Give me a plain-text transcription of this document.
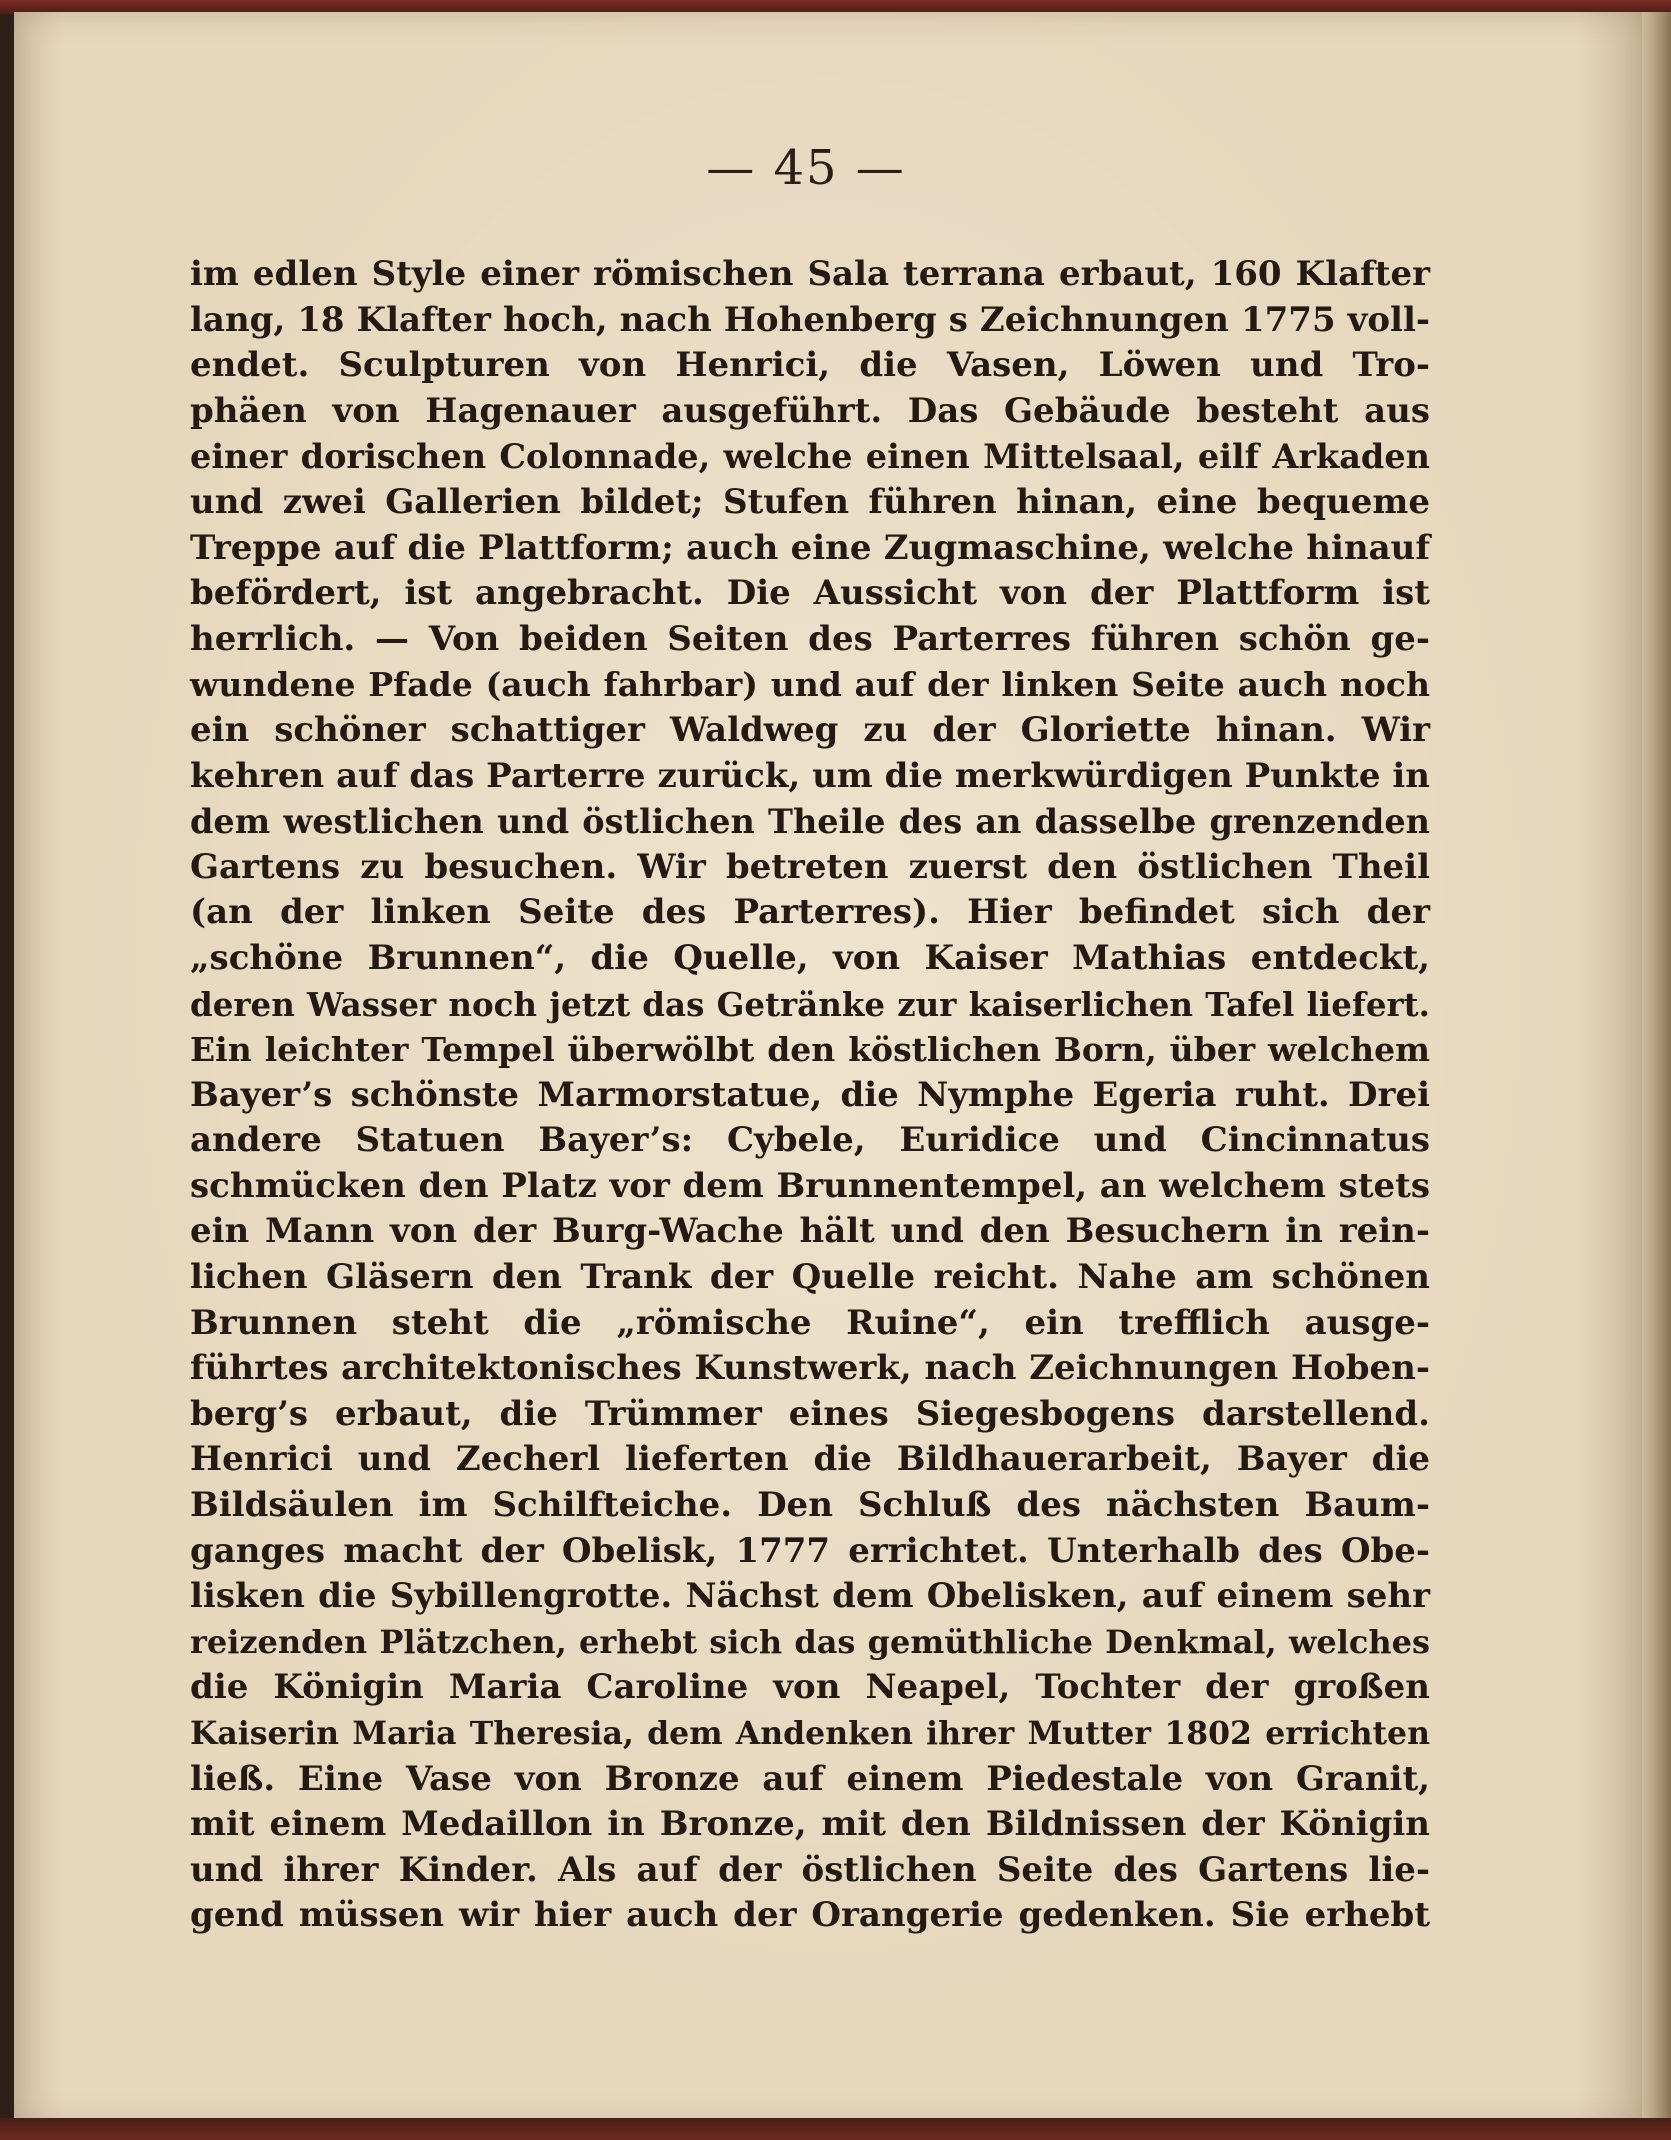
— 45 —
im edlen Style einer römischen Sala terrana erbaut, 160 Klafter
lang, 18 Klafter hoch, nach Hohenberg s Zeichnungen 1775 voll-
endet. Sculpturen von Henrici, die Vasen, Löwen und Tro-
phäen von Hagenauer ausgeführt. Das Gebäude besteht aus
einer dorischen Colonnade, welche einen Mittelsaal, eilf Arkaden
und zwei Gallerien bildet; Stufen führen hinan, eine bequeme
Treppe auf die Plattform; auch eine Zugmaschine, welche hinauf
befördert, ist angebracht. Die Aussicht von der Plattform ist
herrlich. — Von beiden Seiten des Parterres führen schön ge-
wundene Pfade (auch fahrbar) und auf der linken Seite auch noch
ein schöner schattiger Waldweg zu der Gloriette hinan. Wir
kehren auf das Parterre zurück, um die merkwürdigen Punkte in
dem westlichen und östlichen Theile des an dasselbe grenzenden
Gartens zu besuchen. Wir betreten zuerst den östlichen Theil
(an der linken Seite des Parterres). Hier befindet sich der
„schöne Brunnen“, die Quelle, von Kaiser Mathias entdeckt,
deren Wasser noch jetzt das Getränke zur kaiserlichen Tafel liefert.
Ein leichter Tempel überwölbt den köstlichen Born, über welchem
Bayer’s schönste Marmorstatue, die Nymphe Egeria ruht. Drei
andere Statuen Bayer’s: Cybele, Euridice und Cincinnatus
schmücken den Platz vor dem Brunnentempel, an welchem stets
ein Mann von der Burg-Wache hält und den Besuchern in rein-
lichen Gläsern den Trank der Quelle reicht. Nahe am schönen
Brunnen steht die „römische Ruine“, ein trefflich ausge-
führtes architektonisches Kunstwerk, nach Zeichnungen Hoben-
berg’s erbaut, die Trümmer eines Siegesbogens darstellend.
Henrici und Zecherl lieferten die Bildhauerarbeit, Bayer die
Bildsäulen im Schilfteiche. Den Schluß des nächsten Baum-
ganges macht der Obelisk, 1777 errichtet. Unterhalb des Obe-
lisken die Sybillengrotte. Nächst dem Obelisken, auf einem sehr
reizenden Plätzchen, erhebt sich das gemüthliche Denkmal, welches
die Königin Maria Caroline von Neapel, Tochter der großen
Kaiserin Maria Theresia, dem Andenken ihrer Mutter 1802 errichten
ließ. Eine Vase von Bronze auf einem Piedestale von Granit,
mit einem Medaillon in Bronze, mit den Bildnissen der Königin
und ihrer Kinder. Als auf der östlichen Seite des Gartens lie-
gend müssen wir hier auch der Orangerie gedenken. Sie erhebt
